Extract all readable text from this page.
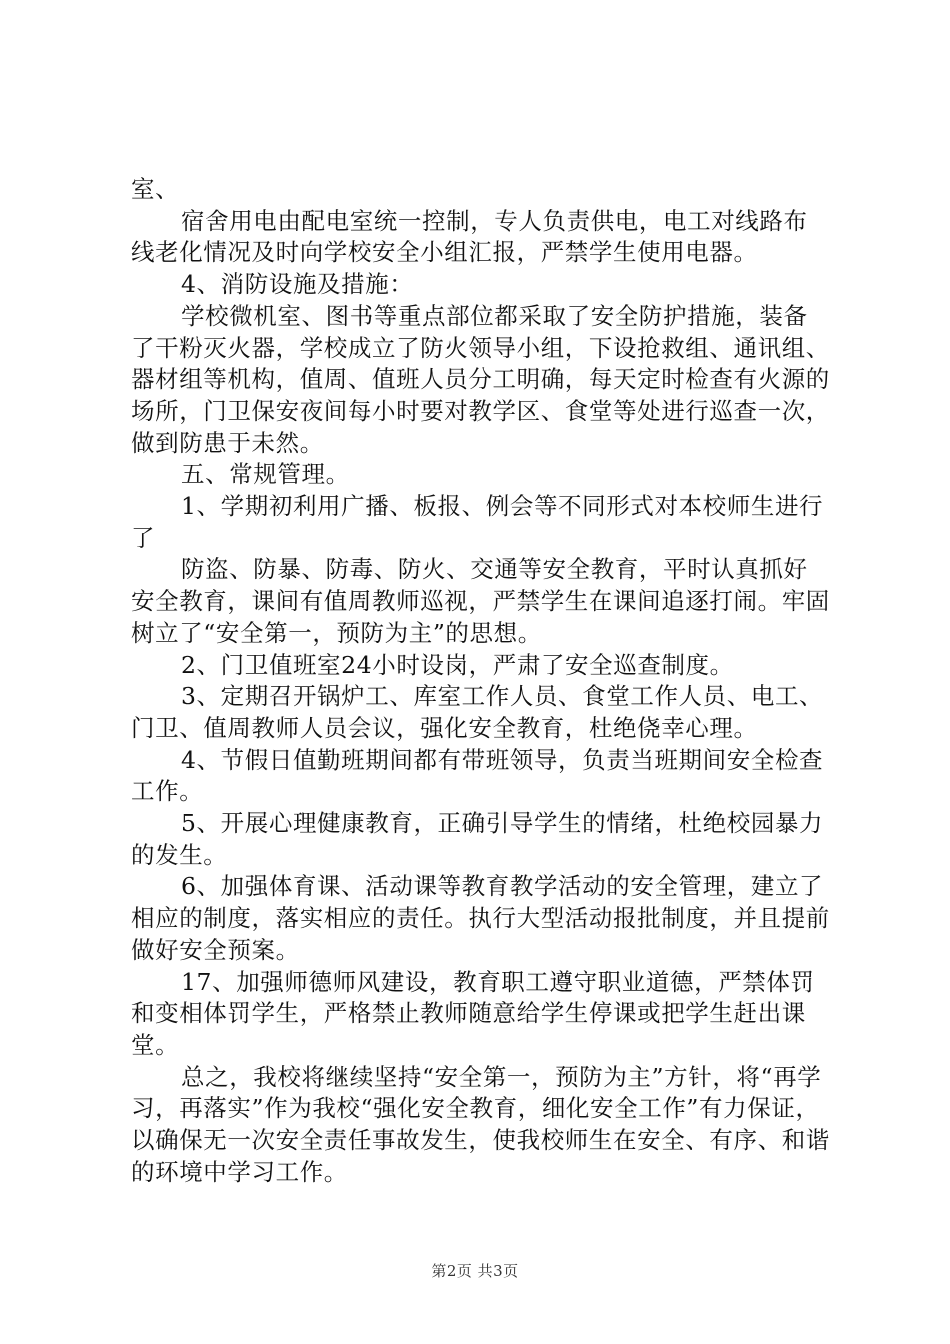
室、

宿舍用电由配电室统一控制，专人负责供电，电工对线路布线老化情况及时向学校安全小组汇报，严禁学生使用电器。

4、消防设施及措施：

学校微机室、图书等重点部位都采取了安全防护措施，装备了干粉灭火器，学校成立了防火领导小组，下设抢救组、通讯组、器材组等机构，值周、值班人员分工明确，每天定时检查有火源的场所，门卫保安夜间每小时要对教学区、食堂等处进行巡查一次，做到防患于未然。

五、常规管理。

1、学期初利用广播、板报、例会等不同形式对本校师生进行了

防盗、防暴、防毒、防火、交通等安全教育，平时认真抓好安全教育，课间有值周教师巡视，严禁学生在课间追逐打闹。牢固树立了“安全第一，预防为主”的思想。

2、门卫值班室24小时设岗，严肃了安全巡查制度。

3、定期召开锅炉工、库室工作人员、食堂工作人员、电工、门卫、值周教师人员会议，强化安全教育，杜绝侥幸心理。

4、节假日值勤班期间都有带班领导，负责当班期间安全检查工作。

5、开展心理健康教育，正确引导学生的情绪，杜绝校园暴力的发生。

6、加强体育课、活动课等教育教学活动的安全管理，建立了相应的制度，落实相应的责任。执行大型活动报批制度，并且提前做好安全预案。

17、加强师德师风建设，教育职工遵守职业道德，严禁体罚和变相体罚学生，严格禁止教师随意给学生停课或把学生赶出课堂。

总之，我校将继续坚持“安全第一，预防为主”方针，将“再学习，再落实”作为我校“强化安全教育，细化安全工作”有力保证，以确保无一次安全责任事故发生，使我校师生在安全、有序、和谐的环境中学习工作。

第2页 共3页
